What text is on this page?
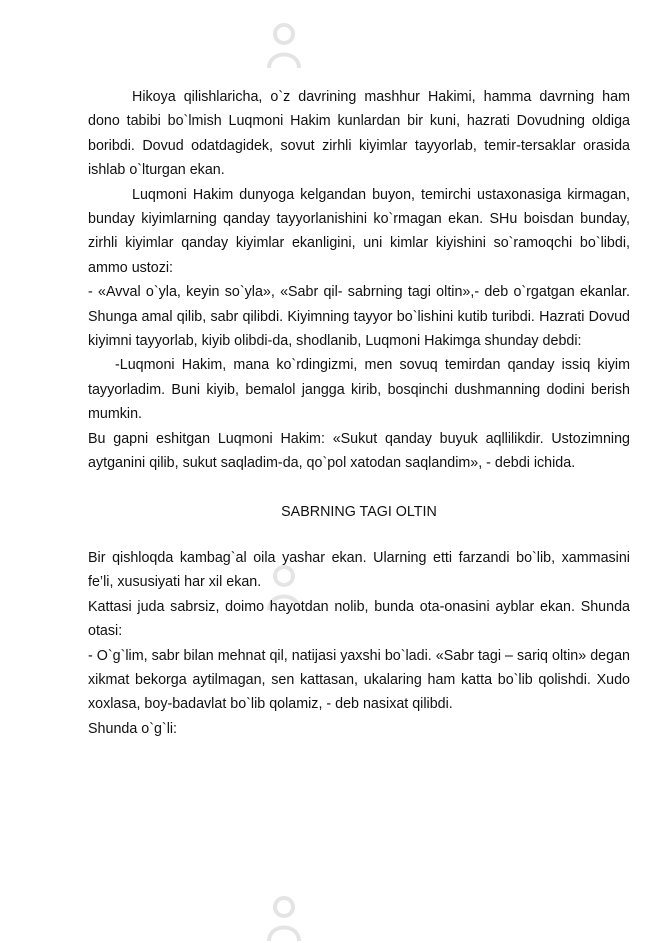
Hikoya qilishlaricha, o`z davrining mashhur Hakimi, hamma davrning ham dono tabibi bo`lmish Luqmoni Hakim kunlardan bir kuni, hazrati Dovudning oldiga boribdi. Dovud odatdagidek, sovut zirhli kiyimlar tayyorlab, temir-tersaklar orasida ishlab o`lturgan ekan.

Luqmoni Hakim dunyoga kelgandan buyon, temirchi ustaxonasiga kirmagan, bunday kiyimlarning qanday tayyorlanishini ko`rmagan ekan. SHu boisdan bunday, zirhli kiyimlar qanday kiyimlar ekanligini, uni kimlar kiyishini so`ramoqchi bo`libdi, ammo ustozi:

- «Avval o`yla, keyin so`yla», «Sabr qil- sabrning tagi oltin»,- deb o`rgatgan ekanlar. Shunga amal qilib, sabr qilibdi. Kiyimning tayyor bo`lishini kutib turibdi. Hazrati Dovud kiyimni tayyorlab, kiyib olibdi-da, shodlanib, Luqmoni Hakimga shunday debdi:

-Luqmoni Hakim, mana ko`rdingizmi, men sovuq temirdan qanday issiq kiyim tayyorladim. Buni kiyib, bemalol jangga kirib, bosqinchi dushmanning dodini berish mumkin.

Bu gapni eshitgan Luqmoni Hakim: «Sukut qanday buyuk aqllilikdir. Ustozimning aytganini qilib, sukut saqladim-da, qo`pol xatodan saqlandim», - debdi ichida.

SABRNING TAGI OLTIN

Bir qishloqda kambag`al oila yashar ekan. Ularning etti farzandi bo`lib, xammasini fe’li, xususiyati har xil ekan.

Kattasi juda sabrsiz, doimo hayotdan nolib, bunda ota-onasini ayblar ekan. Shunda otasi:

- O`g`lim, sabr bilan mehnat qil, natijasi yaxshi bo`ladi. «Sabr tagi – sariq oltin» degan xikmat bekorga aytilmagan, sen kattasan, ukalaring ham katta bo`lib qolishdi. Xudo xoxlasa, boy-badavlat bo`lib qolamiz, - deb nasixat qilibdi.

Shunda o`g`li:
